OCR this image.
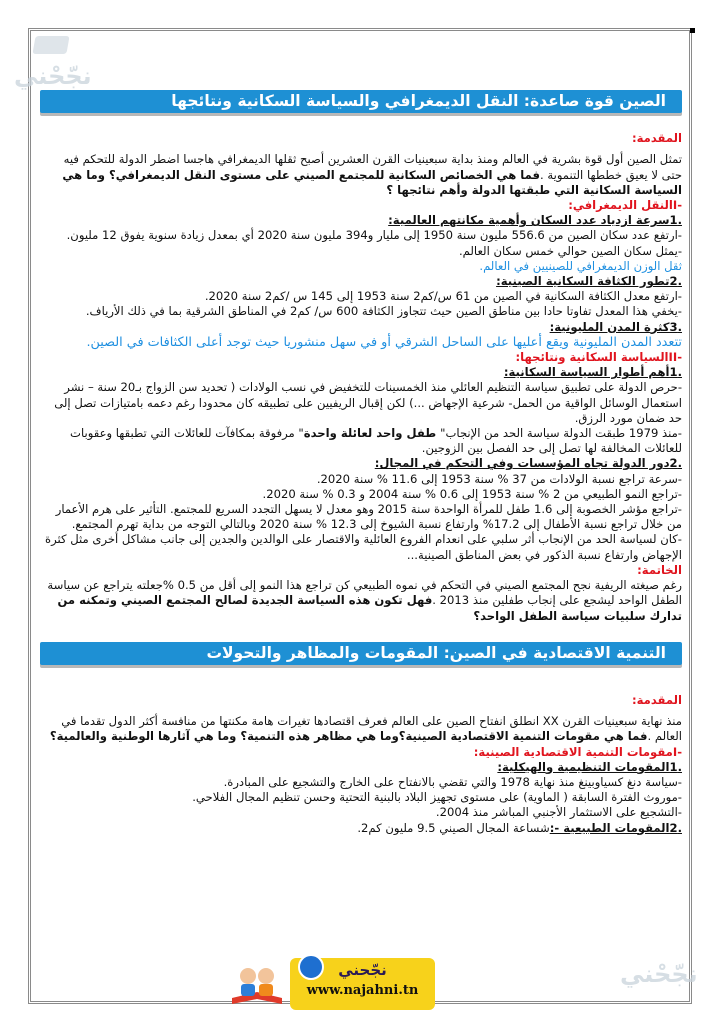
نجّحْني
الصين قوة صاعدة: النقل الديمغرافي والسياسة السكانية ونتائجها

المقدمة:

تمثل الصين أول قوة بشرية في العالم ومنذ بداية سبعينيات القرن العشرين أصبح ثقلها الديمغرافي هاجسا اضطر الدولة للتحكم فيه حتى لا يعيق خططها التنموية .فما هي الخصائص السكانية للمجتمع الصيني على مستوى النقل الديمغرافي؟ وما هي السياسة السكانية التي طبقتها الدولة وأهم نتائجها ؟

-Iالنقل الديمغرافي:

.1سرعة ازدياد عدد السكان وأهمية مكانتهم العالمية:

-ارتفع عدد سكان الصين من 556.6 مليون سنة 1950 إلى مليار و394 مليون سنة 2020 أي بمعدل زيادة سنوية يفوق 12 مليون.

-يمثل سكان الصين حوالي خمس سكان العالم.

ثقل الوزن الديمغرافي للصينيين في العالم.

.2تطور الكثافة السكانية الصينية:

-ارتفع معدل الكثافة السكانية في الصين من 61 س/كم2 سنة 1953 إلى 145 س /كم2 سنة 2020.

-يخفي هذا المعدل تفاوتا حادا بين مناطق الصين حيث تتجاوز الكثافة 600 س/ كم2 في المناطق الشرقية بما في ذلك الأرياف.

.3كثرة المدن المليونية:

تتعدد المدن المليونية ويقع أعليها على الساحل الشرقي أو في سهل منشوريا حيث توجد أعلى الكثافات في الصين.

-IIالسياسة السكانية ونتائجها:

.1أهم أطوار السياسة السكانية:

-حرص الدولة على تطبيق سياسة التنظيم العائلي منذ الخمسينات للتخفيض في نسب الولادات ( تحديد سن الزواج بـ20 سنة – نشر استعمال الوسائل الواقية من الحمل- شرعية الإجهاض ...) لكن إقبال الريفيين على تطبيقه كان محدودا رغم دعمه بامتيازات تصل إلى حد ضمان مورد الرزق.

-منذ 1979 طبقت الدولة سياسة الحد من الإنجاب" طفل واحد لعائلة واحدة" مرفوقة بمكافآت للعائلات التي تطبقها وعقوبات للعائلات المخالفة لها تصل إلى حد الفصل بين الزوجين.

.2دور الدولة تجاه المؤسسات وفي التحكم في المجال:

-سرعة تراجع نسبة الولادات من 37 % سنة 1953 إلى 11.6 % سنة 2020.

-تراجع النمو الطبيعي من 2 % سنة 1953 إلى 0.6 % سنة 2004 و 0.3 % سنة 2020.

-تراجع مؤشر الخصوبة إلى 1.6 طفل للمرأة الواحدة سنة 2015 وهو معدل لا يسهل التجدد السريع للمجتمع. التأثير على هرم الأعمار من خلال تراجع نسبة الأطفال إلى 17.2% وارتفاع نسبة الشيوخ إلى 12.3 % سنة 2020 وبالتالي التوجه من بداية تهرم المجتمع.

-كان لسياسة الحد من الإنجاب أثر سلبي على انعدام الفروع العائلية والاقتصار على الوالدين والجدين إلى جانب مشاكل أخرى مثل كثرة الإجهاض وارتفاع نسبة الذكور في بعض المناطق الصينية...

الخاتمة:

رغم صيغته الريفية نجح المجتمع الصيني في التحكم في نموه الطبيعي كن تراجع هذا النمو إلى أقل من 0.5 %جعلته يتراجع عن سياسة الطفل الواحد ليشجع على إنجاب طفلين منذ 2013 .فهل تكون هذه السياسة الجديدة لصالح المجتمع الصيني وتمكنه من تدارك سلبيات سياسة الطفل الواحد؟

التنمية الاقتصادية في الصين: المقومات والمظاهر والتحولات

المقدمة:

منذ نهاية سبعينيات القرن XX انطلق انفتاح الصين على العالم فعرف اقتصادها تغيرات هامة مكنتها من منافسة أكثر الدول تقدما في العالم .فما هي مقومات التنمية الاقتصادية الصينية؟وما هي مظاهر هذه التنمية؟ وما هي آثارها الوطنية والعالمية؟

-Iمقومات التنمية الاقتصادية الصينية:

.1المقومات التنظيمية والهيكلية:

-سياسة دنغ كسياوبينغ منذ نهاية 1978 والتي تقضي بالانفتاح على الخارج والتشجيع على المبادرة.

-موروث الفترة السابقة ( الماوية) على مستوى تجهيز البلاد بالبنية التحتية وحسن تنظيم المجال الفلاحي.

-التشجيع على الاستثمار الأجنبي المباشر منذ 2004.

.2المقومات الطبيعية -:شساعة المجال الصيني 9.5 مليون كم2.

نجّحني
www.najahni.tn
نجّحْني
